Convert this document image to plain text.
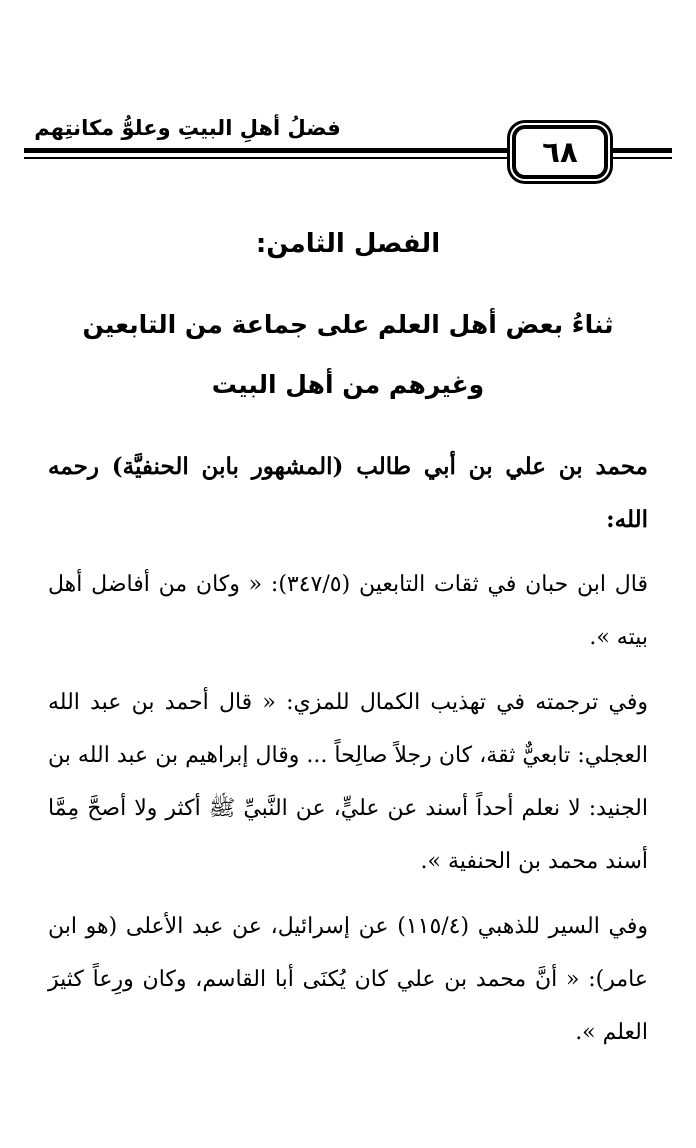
فضلُ أهلِ البيتِ وعلوُّ مكانتِهم
٦٨
الفصل الثامن:
ثناءُ بعض أهل العلم على جماعة من التابعين وغيرهم من أهل البيت

محمد بن علي بن أبي طالب (المشهور بابن الحنفيَّة) رحمه الله:

قال ابن حبان في ثقات التابعين (٣٤٧/٥): « وكان من أفاضل أهل بيته ».

وفي ترجمته في تهذيب الكمال للمزي: « قال أحمد بن عبد الله العجلي: تابعيٌّ ثقة، كان رجلاً صالِحاً ... وقال إبراهيم بن عبد الله بن الجنيد: لا نعلم أحداً أسند عن عليٍّ، عن النَّبيِّ ﷺ أكثر ولا أصحَّ مِمَّا أسند محمد بن الحنفية ».

وفي السير للذهبي (١١٥/٤) عن إسرائيل، عن عبد الأعلى (هو ابن عامر): « أنَّ محمد بن علي كان يُكنَى أبا القاسم، وكان ورِعاً كثيرَ العلم ».
